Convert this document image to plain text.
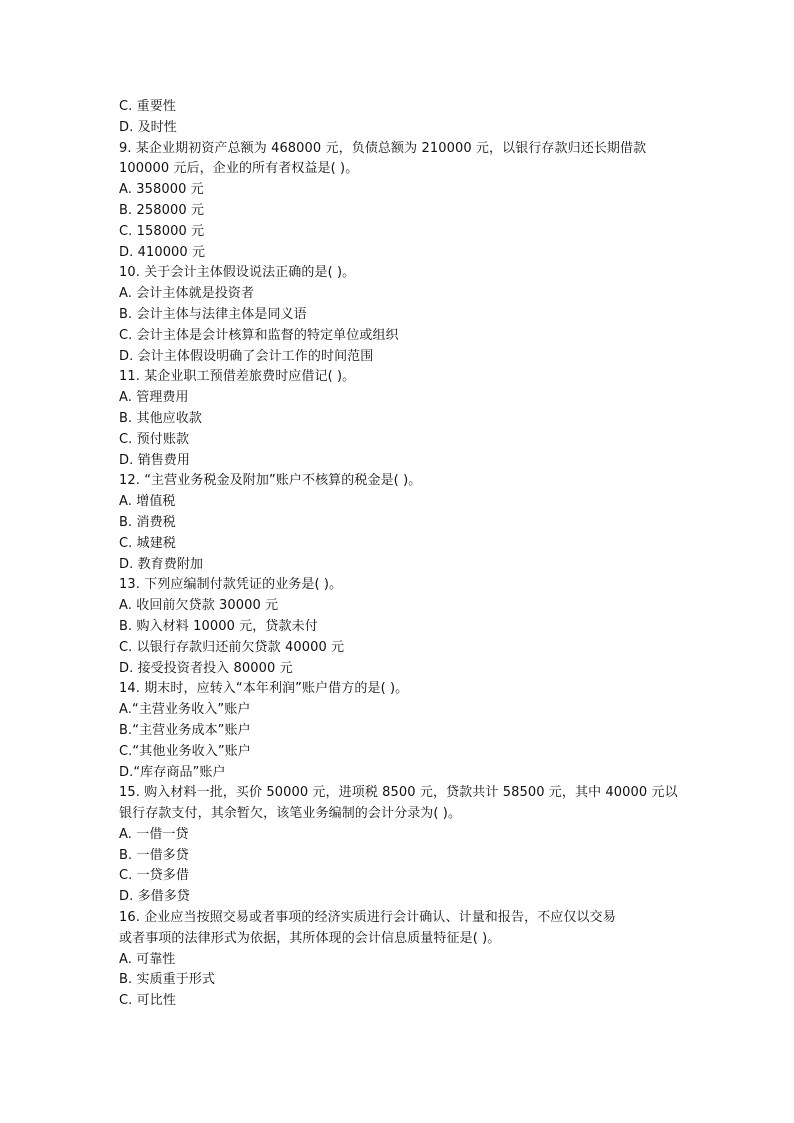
C. 重要性
D. 及时性
9. 某企业期初资产总额为 468000 元，负债总额为 210000 元，以银行存款归还长期借款
100000 元后，企业的所有者权益是( )。
A. 358000 元
B. 258000 元
C. 158000 元
D. 410000 元
10. 关于会计主体假设说法正确的是( )。
A. 会计主体就是投资者
B. 会计主体与法律主体是同义语
C. 会计主体是会计核算和监督的特定单位或组织
D. 会计主体假设明确了会计工作的时间范围
11. 某企业职工预借差旅费时应借记( )。
A. 管理费用
B. 其他应收款
C. 预付账款
D. 销售费用
12. “主营业务税金及附加”账户不核算的税金是( )。
A. 增值税
B. 消费税
C. 城建税
D. 教育费附加
13. 下列应编制付款凭证的业务是( )。
A. 收回前欠贷款 30000 元
B. 购入材料 10000 元，贷款未付
C. 以银行存款归还前欠贷款 40000 元
D. 接受投资者投入 80000 元
14. 期末时，应转入“本年利润”账户借方的是( )。
A.“主营业务收入”账户
B.“主营业务成本”账户
C.“其他业务收入”账户
D.“库存商品”账户
15. 购入材料一批，买价 50000 元，进项税 8500 元，贷款共计 58500 元，其中 40000 元以
银行存款支付，其余暂欠，该笔业务编制的会计分录为( )。
A. 一借一贷
B. 一借多贷
C. 一贷多借
D. 多借多贷
16. 企业应当按照交易或者事项的经济实质进行会计确认、计量和报告，不应仅以交易
或者事项的法律形式为依据，其所体现的会计信息质量特征是( )。
A. 可靠性
B. 实质重于形式
C. 可比性
